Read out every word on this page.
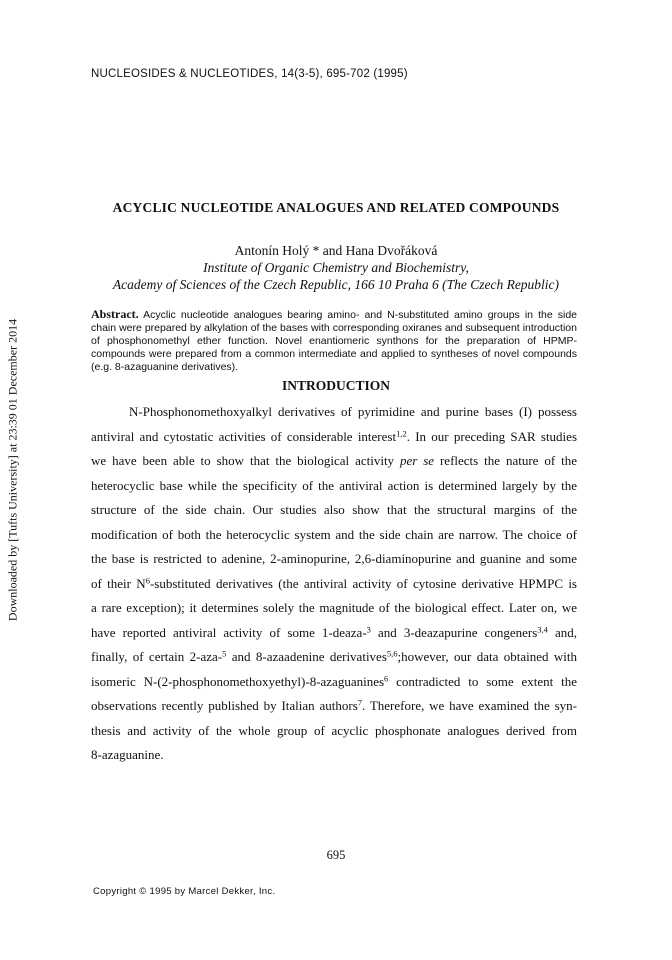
NUCLEOSIDES & NUCLEOTIDES, 14(3-5), 695-702 (1995)
Downloaded by [Tufts University] at 23:39 01 December 2014
ACYCLIC NUCLEOTIDE ANALOGUES AND RELATED COMPOUNDS
Antonín Holý * and Hana Dvořáková
Institute of Organic Chemistry and Biochemistry,
Academy of Sciences of the Czech Republic, 166 10 Praha 6 (The Czech Republic)
Abstract. Acyclic nucleotide analogues bearing amino- and N-substituted amino groups in the side chain were prepared by alkylation of the bases with corresponding oxiranes and subsequent introduction of phosphonomethyl ether function. Novel enantiomeric synthons for the preparation of HPMP-compounds were prepared from a common intermediate and applied to syntheses of novel compounds (e.g. 8-azaguanine derivatives).
INTRODUCTION
N-Phosphonomethoxyalkyl derivatives of pyrimidine and purine bases (I) possess
antiviral and cytostatic activities of considerable interest$^{1,2}$. In our preceding SAR studies
we have been able to show that the biological activity per se reflects the nature of the
heterocyclic base while the specificity of the antiviral action is determined largely by the
structure of the side chain. Our studies also show that the structural margins of the
modification of both the heterocyclic system and the side chain are narrow. The choice of
the base is restricted to adenine, 2-aminopurine, 2,6-diaminopurine and guanine and some
of their $N^6$-substituted derivatives (the antiviral activity of cytosine derivative HPMPC is
a rare exception); it determines solely the magnitude of the biological effect. Later on, we
have reported antiviral activity of some 1-deaza-$^3$ and 3-deazapurine congeners$^{3,4}$ and,
finally, of certain 2-aza-$^5$ and 8-azaadenine derivatives$^{5,6}$;however, our data obtained with
isomeric N-(2-phosphonomethoxyethyl)-8-azaguanines$^6$ contradicted to some extent the
observations recently published by Italian authors$^7$. Therefore, we have examined the syn-
thesis and activity of the whole group of acyclic phosphonate analogues derived from
8-azaguanine.
695
Copyright © 1995 by Marcel Dekker, Inc.
